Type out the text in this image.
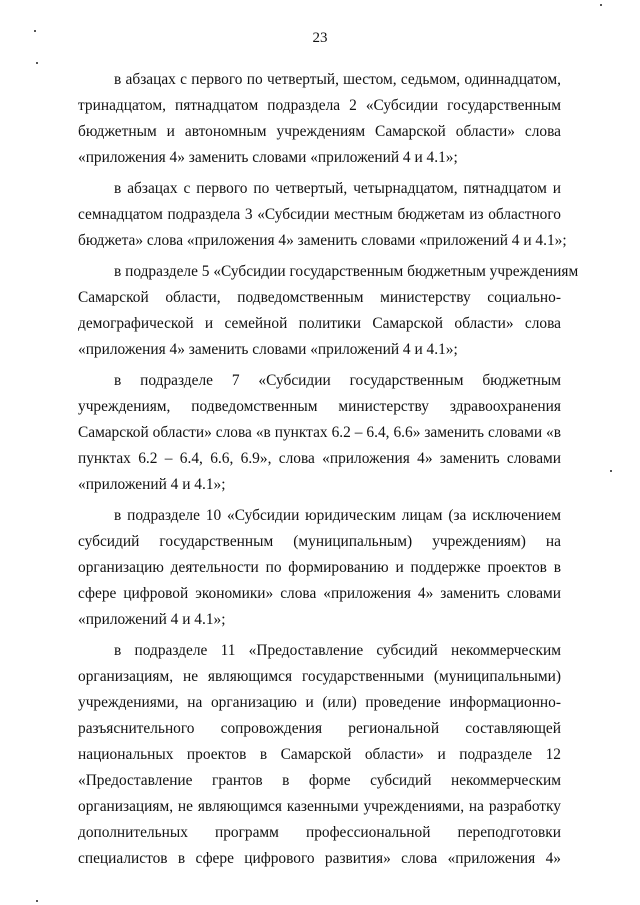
23
в абзацах с первого по четвертый, шестом, седьмом, одиннадцатом,
тринадцатом, пятнадцатом подраздела 2 «Субсидии государственным
бюджетным и автономным учреждениям Самарской области» слова
«приложения 4» заменить словами «приложений 4 и 4.1»;
в абзацах с первого по четвертый, четырнадцатом, пятнадцатом и
семнадцатом подраздела 3 «Субсидии местным бюджетам из областного
бюджета» слова «приложения 4» заменить словами «приложений 4 и 4.1»;
в подразделе 5 «Субсидии государственным бюджетным учреждениям
Самарской области, подведомственным министерству социально-
демографической и семейной политики Самарской области» слова
«приложения 4» заменить словами «приложений 4 и 4.1»;
в подразделе 7 «Субсидии государственным бюджетным
учреждениям, подведомственным министерству здравоохранения
Самарской области» слова «в пунктах 6.2 – 6.4, 6.6» заменить словами «в
пунктах 6.2 – 6.4, 6.6, 6.9», слова «приложения 4» заменить словами
«приложений 4 и 4.1»;
в подразделе 10 «Субсидии юридическим лицам (за исключением
субсидий государственным (муниципальным) учреждениям) на
организацию деятельности по формированию и поддержке проектов в
сфере цифровой экономики» слова «приложения 4» заменить словами
«приложений 4 и 4.1»;
в подразделе 11 «Предоставление субсидий некоммерческим
организациям, не являющимся государственными (муниципальными)
учреждениями, на организацию и (или) проведение информационно-
разъяснительного сопровождения региональной составляющей
национальных проектов в Самарской области» и подразделе 12
«Предоставление грантов в форме субсидий некоммерческим
организациям, не являющимся казенными учреждениями, на разработку
дополнительных программ профессиональной переподготовки
специалистов в сфере цифрового развития» слова «приложения 4»
